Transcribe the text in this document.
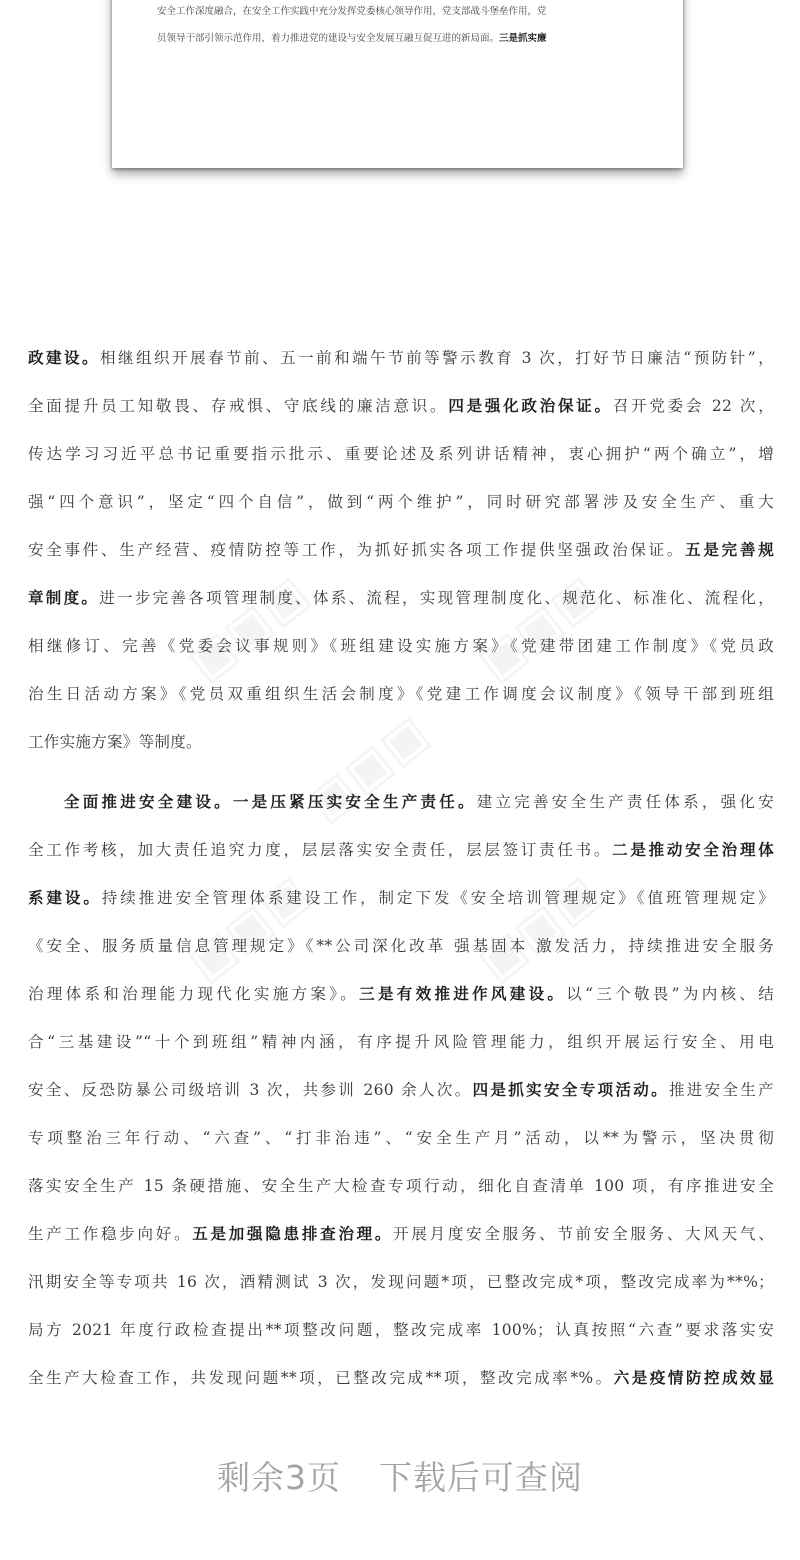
安全工作深度融合，在安全工作实践中充分发挥党委核心领导作用，党支部战斗堡垒作用，党
员领导干部引领示范作用，着力推进党的建设与安全发展互融互促互进的新局面。三是抓实廉
政建设。相继组织开展春节前、五一前和端午节前等警示教育 3 次，打好节日廉洁“预防针”，
全面提升员工知敬畏、存戒惧、守底线的廉洁意识。四是强化政治保证。召开党委会 22 次，
传达学习习近平总书记重要指示批示、重要论述及系列讲话精神，衷心拥护“两个确立”，增
强“四个意识”，坚定“四个自信”，做到“两个维护”，同时研究部署涉及安全生产、重大
安全事件、生产经营、疫情防控等工作，为抓好抓实各项工作提供坚强政治保证。五是完善规
章制度。进一步完善各项管理制度、体系、流程，实现管理制度化、规范化、标准化、流程化，
相继修订、完善《党委会议事规则》《班组建设实施方案》《党建带团建工作制度》《党员政
治生日活动方案》《党员双重组织生活会制度》《党建工作调度会议制度》《领导干部到班组
工作实施方案》等制度。
全面推进安全建设。一是压紧压实安全生产责任。建立完善安全生产责任体系，强化安
全工作考核，加大责任追究力度，层层落实安全责任，层层签订责任书。二是推动安全治理体
系建设。持续推进安全管理体系建设工作，制定下发《安全培训管理规定》《值班管理规定》
《安全、服务质量信息管理规定》《**公司深化改革 强基固本 激发活力，持续推进安全服务
治理体系和治理能力现代化实施方案》。三是有效推进作风建设。以“三个敬畏”为内核、结
合“三基建设”“十个到班组”精神内涵，有序提升风险管理能力，组织开展运行安全、用电
安全、反恐防暴公司级培训 3 次，共参训 260 余人次。四是抓实安全专项活动。推进安全生产
专项整治三年行动、“六查”、“打非治违”、“安全生产月”活动，以**为警示，坚决贯彻
落实安全生产 15 条硬措施、安全生产大检查专项行动，细化自查清单 100 项，有序推进安全
生产工作稳步向好。五是加强隐患排查治理。开展月度安全服务、节前安全服务、大风天气、
汛期安全等专项共 16 次，酒精测试 3 次，发现问题*项，已整改完成*项，整改完成率为**%；
局方 2021 年度行政检查提出**项整改问题，整改完成率 100%；认真按照“六查”要求落实安
全生产大检查工作，共发现问题**项，已整改完成**项，整改完成率*%。六是疫情防控成效显
剩余3页 下载后可查阅
